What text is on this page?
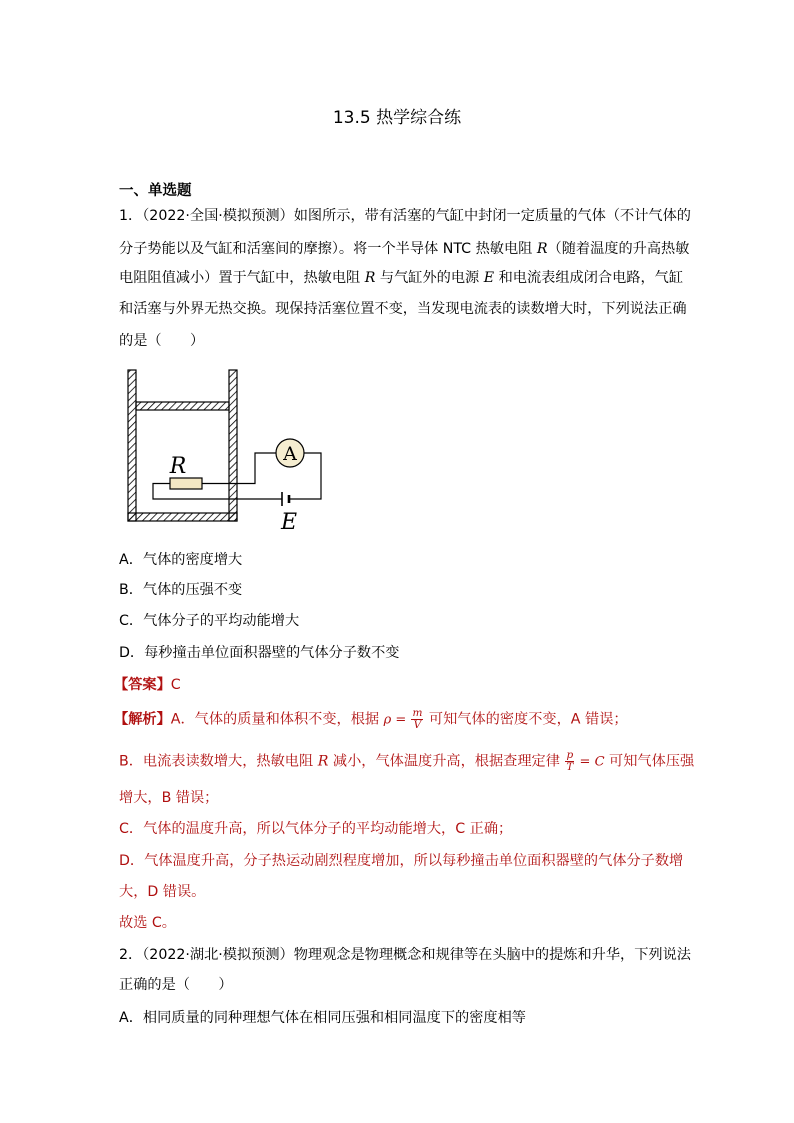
13.5 热学综合练
一、单选题
1．（2022·全国·模拟预测）如图所示，带有活塞的气缸中封闭一定质量的气体（不计气体的
分子势能以及气缸和活塞间的摩擦）。将一个半导体 NTC 热敏电阻 R（随着温度的升高热敏
电阻阻值减小）置于气缸中，热敏电阻 R 与气缸外的电源 E 和电流表组成闭合电路，气缸
和活塞与外界无热交换。现保持活塞位置不变，当发现电流表的读数增大时，下列说法正确
的是（　　）
A
R
E
A．气体的密度增大
B．气体的压强不变
C．气体分子的平均动能增大
D．每秒撞击单位面积器壁的气体分子数不变
【答案】C
【解析】A．气体的质量和体积不变，根据 $\rho = \frac{m}{V}$ 可知气体的密度不变，A 错误；
B．电流表读数增大，热敏电阻 R 减小，气体温度升高，根据查理定律 $\frac{p}{T} = C$ 可知气体压强
增大，B 错误；
C．气体的温度升高，所以气体分子的平均动能增大，C 正确；
D．气体温度升高，分子热运动剧烈程度增加，所以每秒撞击单位面积器壁的气体分子数增
大，D 错误。
故选 C。
2．（2022·湖北·模拟预测）物理观念是物理概念和规律等在头脑中的提炼和升华，下列说法
正确的是（　　）
A．相同质量的同种理想气体在相同压强和相同温度下的密度相等
